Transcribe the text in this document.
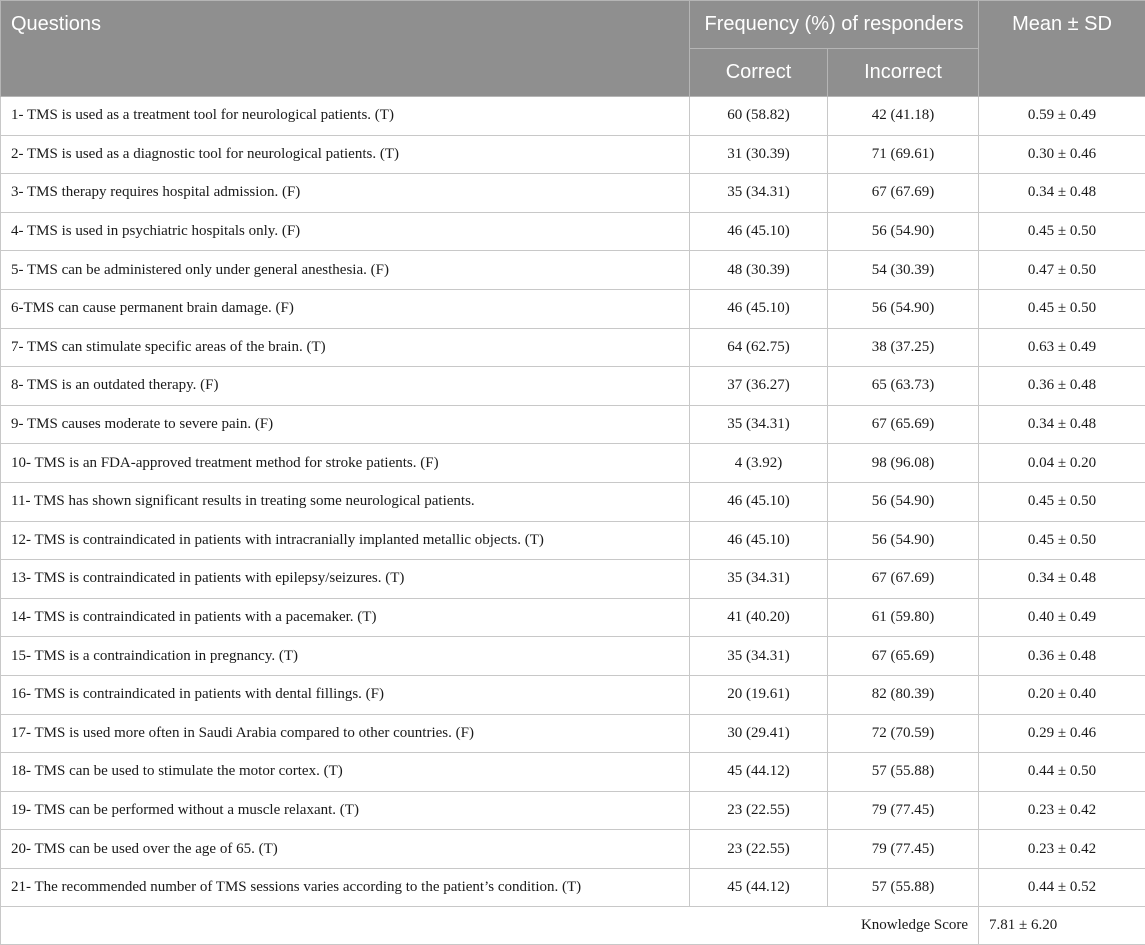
Questions	Frequency (%) of responders		Mean ± SD
	Correct	Incorrect	
1- TMS is used as a treatment tool for neurological patients. (T)	60 (58.82)	42 (41.18)	0.59 ± 0.49
2- TMS is used as a diagnostic tool for neurological patients. (T)	31 (30.39)	71 (69.61)	0.30 ± 0.46
3- TMS therapy requires hospital admission. (F)	35 (34.31)	67 (67.69)	0.34 ± 0.48
4- TMS is used in psychiatric hospitals only. (F)	46 (45.10)	56 (54.90)	0.45 ± 0.50
5- TMS can be administered only under general anesthesia. (F)	48 (30.39)	54 (30.39)	0.47 ± 0.50
6-TMS can cause permanent brain damage. (F)	46 (45.10)	56 (54.90)	0.45 ± 0.50
7- TMS can stimulate specific areas of the brain. (T)	64 (62.75)	38 (37.25)	0.63 ± 0.49
8- TMS is an outdated therapy. (F)	37 (36.27)	65 (63.73)	0.36 ± 0.48
9- TMS causes moderate to severe pain. (F)	35 (34.31)	67 (65.69)	0.34 ± 0.48
10- TMS is an FDA-approved treatment method for stroke patients. (F)	4 (3.92)	98 (96.08)	0.04 ± 0.20
11- TMS has shown significant results in treating some neurological patients.	46 (45.10)	56 (54.90)	0.45 ± 0.50
12- TMS is contraindicated in patients with intracranially implanted metallic objects. (T)	46 (45.10)	56 (54.90)	0.45 ± 0.50
13- TMS is contraindicated in patients with epilepsy/seizures. (T)	35 (34.31)	67 (67.69)	0.34 ± 0.48
14- TMS is contraindicated in patients with a pacemaker. (T)	41 (40.20)	61 (59.80)	0.40 ± 0.49
15- TMS is a contraindication in pregnancy. (T)	35 (34.31)	67 (65.69)	0.36 ± 0.48
16- TMS is contraindicated in patients with dental fillings. (F)	20 (19.61)	82 (80.39)	0.20 ± 0.40
17- TMS is used more often in Saudi Arabia compared to other countries. (F)	30 (29.41)	72 (70.59)	0.29 ± 0.46
18- TMS can be used to stimulate the motor cortex. (T)	45 (44.12)	57 (55.88)	0.44 ± 0.50
19- TMS can be performed without a muscle relaxant. (T)	23 (22.55)	79 (77.45)	0.23 ± 0.42
20- TMS can be used over the age of 65. (T)	23 (22.55)	79 (77.45)	0.23 ± 0.42
21- The recommended number of TMS sessions varies according to the patient’s condition. (T)	45 (44.12)	57 (55.88)	0.44 ± 0.52
Knowledge Score			7.81 ± 6.20
